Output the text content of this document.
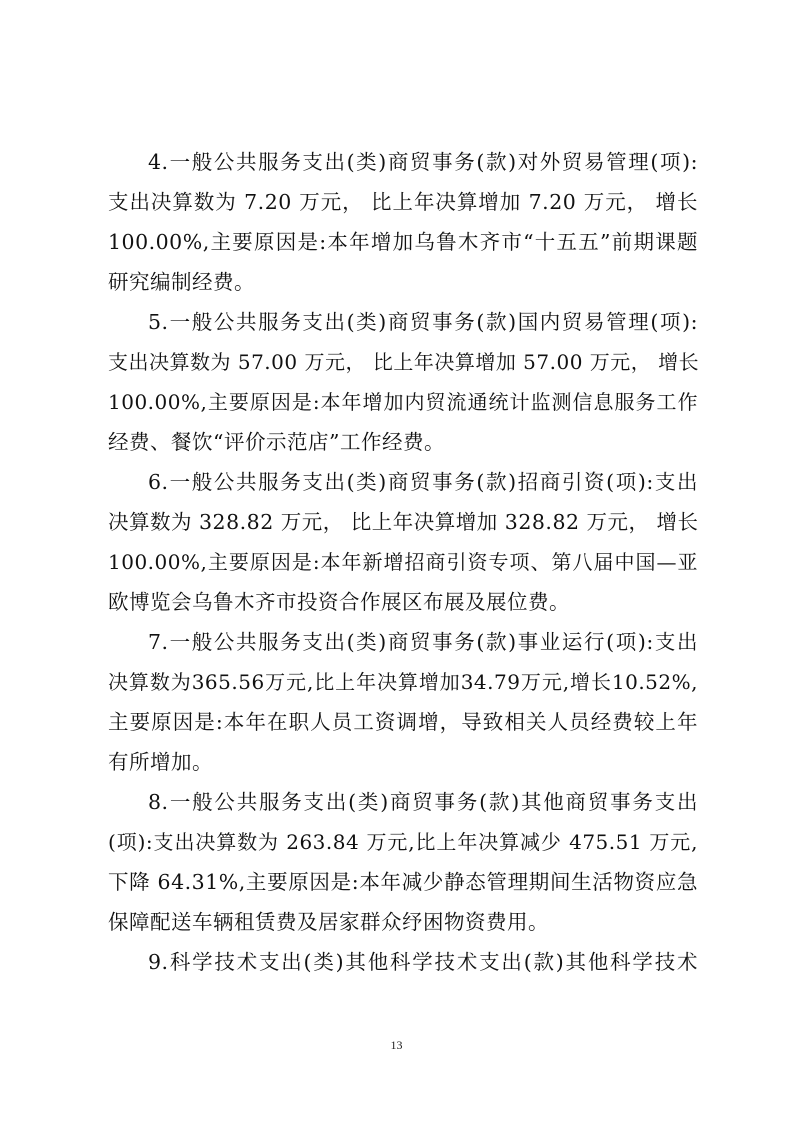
4.一般公共服务支出(类)商贸事务(款)对外贸易管理(项):
支出决算数为 7.20 万元， 比上年决算增加 7.20 万元， 增长
100.00%,主要原因是:本年增加乌鲁木齐市“十五五”前期课题
研究编制经费。
5.一般公共服务支出(类)商贸事务(款)国内贸易管理(项):
支出决算数为 57.00 万元， 比上年决算增加 57.00 万元， 增长
100.00%,主要原因是:本年增加内贸流通统计监测信息服务工作
经费、餐饮“评价示范店”工作经费。
6.一般公共服务支出(类)商贸事务(款)招商引资(项):支出
决算数为 328.82 万元， 比上年决算增加 328.82 万元， 增长
100.00%,主要原因是:本年新增招商引资专项、第八届中国—亚
欧博览会乌鲁木齐市投资合作展区布展及展位费。
7.一般公共服务支出(类)商贸事务(款)事业运行(项):支出
决算数为365.56万元,比上年决算增加34.79万元,增长10.52%,
主要原因是:本年在职人员工资调增，导致相关人员经费较上年
有所增加。
8.一般公共服务支出(类)商贸事务(款)其他商贸事务支出
(项):支出决算数为 263.84 万元,比上年决算减少 475.51 万元,
下降 64.31%,主要原因是:本年减少静态管理期间生活物资应急
保障配送车辆租赁费及居家群众纾困物资费用。
9.科学技术支出(类)其他科学技术支出(款)其他科学技术
13
